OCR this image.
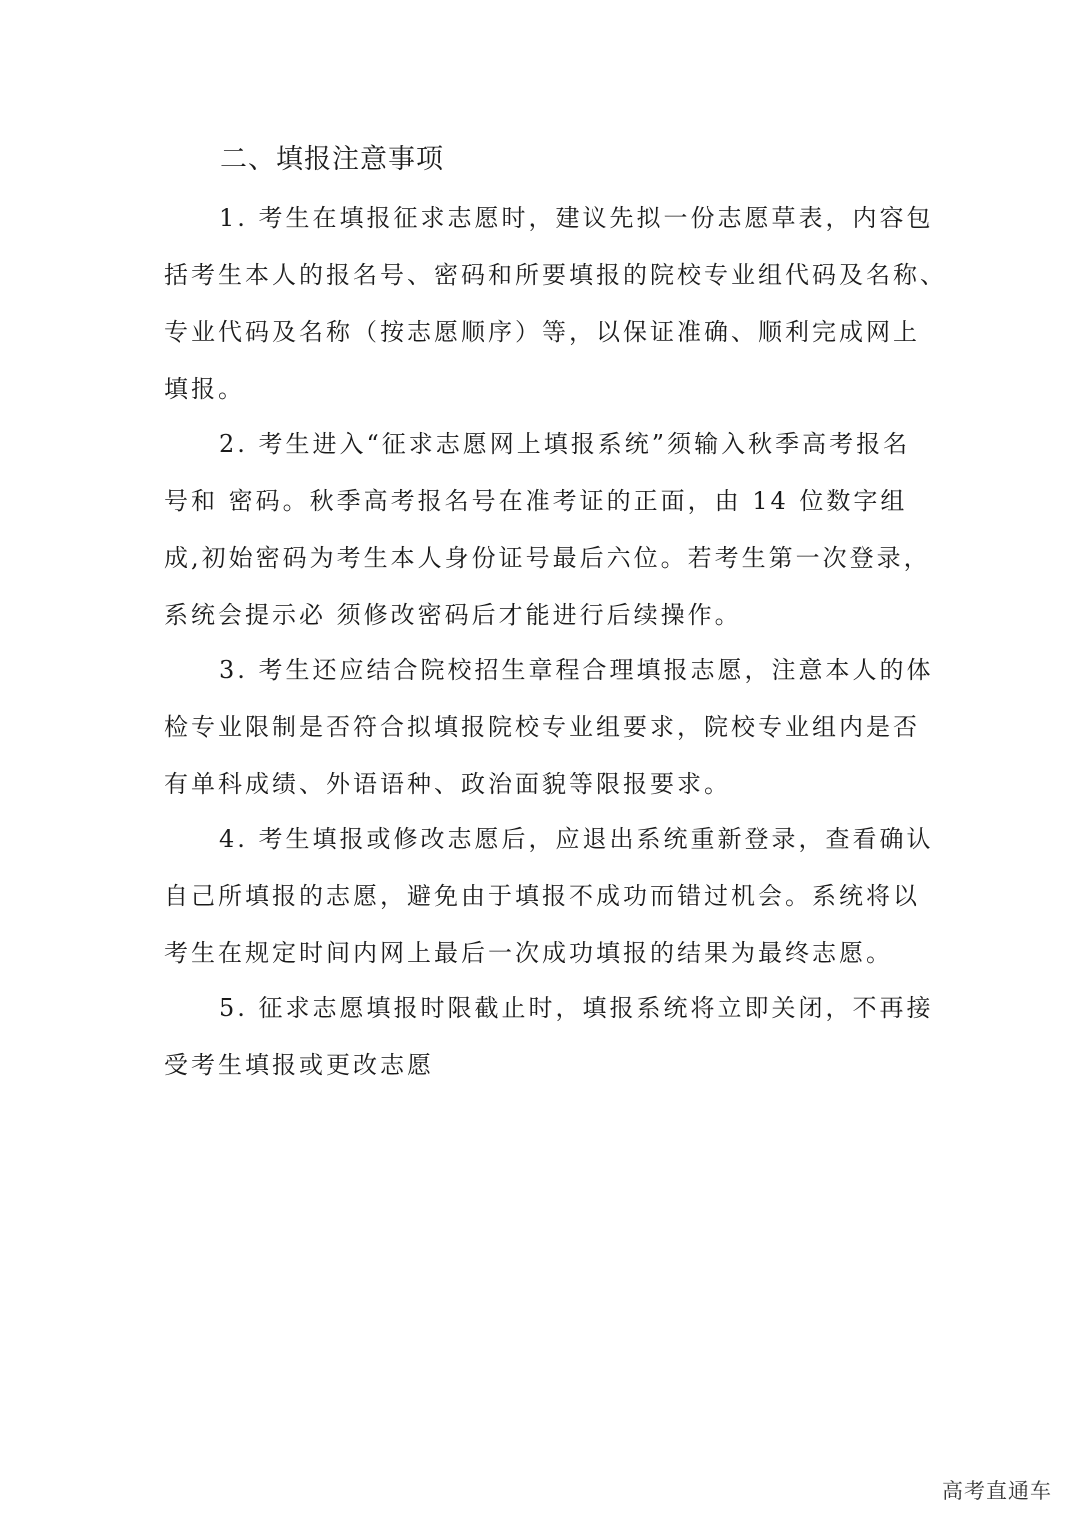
二、填报注意事项
1. 考生在填报征求志愿时，建议先拟一份志愿草表，内容包
括考生本人的报名号、密码和所要填报的院校专业组代码及名称、
专业代码及名称（按志愿顺序）等，以保证准确、顺利完成网上
填报。
2. 考生进入“征求志愿网上填报系统”须输入秋季高考报名
号和 密码。秋季高考报名号在准考证的正面，由 14 位数字组
成,初始密码为考生本人身份证号最后六位。若考生第一次登录，
系统会提示必 须修改密码后才能进行后续操作。
3. 考生还应结合院校招生章程合理填报志愿，注意本人的体
检专业限制是否符合拟填报院校专业组要求，院校专业组内是否
有单科成绩、外语语种、政治面貌等限报要求。
4. 考生填报或修改志愿后，应退出系统重新登录，查看确认
自己所填报的志愿，避免由于填报不成功而错过机会。系统将以
考生在规定时间内网上最后一次成功填报的结果为最终志愿。
5. 征求志愿填报时限截止时，填报系统将立即关闭，不再接
受考生填报或更改志愿
高考直通车
